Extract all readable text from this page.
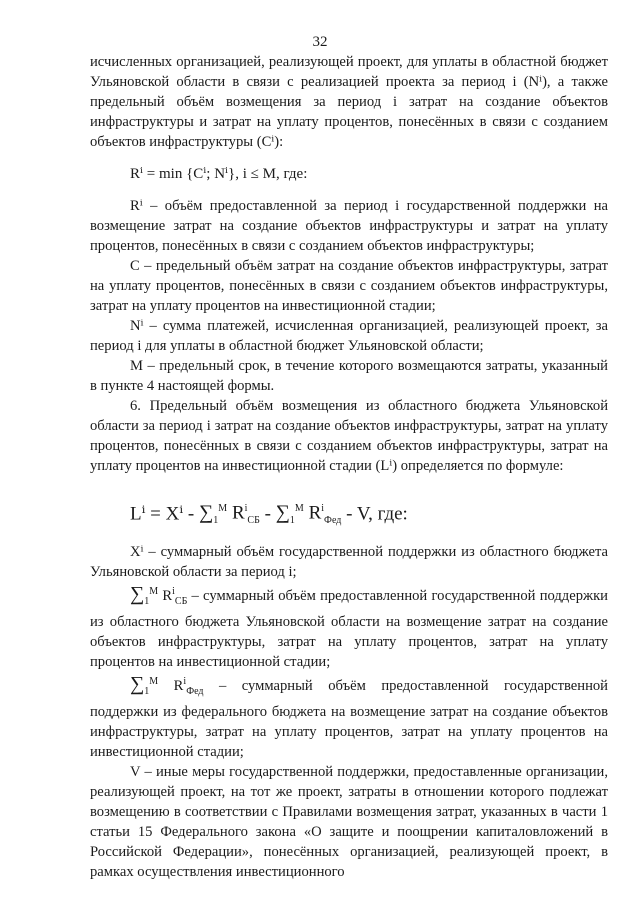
32

исчисленных организацией, реализующей проект, для уплаты в областной бюджет Ульяновской области в связи с реализацией проекта за период i (Nⁱ), а также предельный объём возмещения за период i затрат на создание объектов инфраструктуры и затрат на уплату процентов, понесённых в связи с созданием объектов инфраструктуры (Cⁱ):

Rⁱ = min {Cⁱ; Nⁱ}, i ≤ M, где:

Rⁱ – объём предоставленной за период i государственной поддержки на возмещение затрат на создание объектов инфраструктуры и затрат на уплату процентов, понесённых в связи с созданием объектов инфраструктуры;

C – предельный объём затрат на создание объектов инфраструктуры, затрат на уплату процентов, понесённых в связи с созданием объектов инфраструктуры, затрат на уплату процентов на инвестиционной стадии;

Nⁱ – сумма платежей, исчисленная организацией, реализующей проект, за период i для уплаты в областной бюджет Ульяновской области;

M – предельный срок, в течение которого возмещаются затраты, указанный в пункте 4 настоящей формы.

6. Предельный объём возмещения из областного бюджета Ульяновской области за период i затрат на создание объектов инфраструктуры, затрат на уплату процентов, понесённых в связи с созданием объектов инфраструктуры, затрат на уплату процентов на инвестиционной стадии (Lⁱ) определяется по формуле:

$L^i = X^i - \sum_1^M$ $R^i_{СБ} - \sum_1^M$ $R^i_{Фед}$ - V, где:

Xⁱ – суммарный объём государственной поддержки из областного бюджета Ульяновской области за период i;

$\sum_1^M$ $R^i_{СБ}$ – суммарный объём предоставленной государственной поддержки из областного бюджета Ульяновской области на возмещение затрат на создание объектов инфраструктуры, затрат на уплату процентов, затрат на уплату процентов на инвестиционной стадии;

$\sum_1^M$ $R^i_{Фед}$ – суммарный объём предоставленной государственной поддержки из федерального бюджета на возмещение затрат на создание объектов инфраструктуры, затрат на уплату процентов, затрат на уплату процентов на инвестиционной стадии;

V – иные меры государственной поддержки, предоставленные организации, реализующей проект, на тот же проект, затраты в отношении которого подлежат возмещению в соответствии с Правилами возмещения затрат, указанных в части 1 статьи 15 Федерального закона «О защите и поощрении капиталовложений в Российской Федерации», понесённых организацией, реализующей проект, в рамках осуществления инвестиционного
